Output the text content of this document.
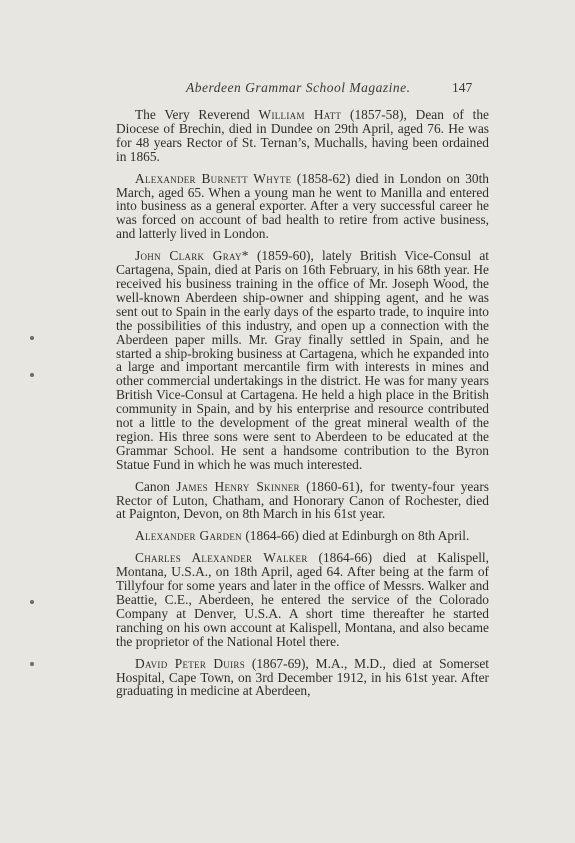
Aberdeen Grammar School Magazine.	147

The Very Reverend William Hatt (1857-58), Dean of the Diocese of Brechin, died in Dundee on 29th April, aged 76. He was for 48 years Rector of St. Ternan’s, Muchalls, having been ordained in 1865.

Alexander Burnett Whyte (1858-62) died in London on 30th March, aged 65. When a young man he went to Manilla and entered into business as a general exporter. After a very successful career he was forced on account of bad health to retire from active business, and latterly lived in London.

John Clark Gray* (1859-60), lately British Vice-Consul at Cartagena, Spain, died at Paris on 16th February, in his 68th year. He received his business training in the office of Mr. Joseph Wood, the well-known Aberdeen ship-owner and shipping agent, and he was sent out to Spain in the early days of the esparto trade, to inquire into the possibilities of this industry, and open up a connection with the Aberdeen paper mills. Mr. Gray finally settled in Spain, and he started a ship-broking business at Cartagena, which he expanded into a large and important mercantile firm with interests in mines and other commercial undertakings in the district. He was for many years British Vice-Consul at Cartagena. He held a high place in the British community in Spain, and by his enterprise and resource contributed not a little to the development of the great mineral wealth of the region. His three sons were sent to Aberdeen to be educated at the Grammar School. He sent a handsome contribution to the Byron Statue Fund in which he was much interested.

Canon James Henry Skinner (1860-61), for twenty-four years Rector of Luton, Chatham, and Honorary Canon of Rochester, died at Paignton, Devon, on 8th March in his 61st year.

Alexander Garden (1864-66) died at Edinburgh on 8th April.

Charles Alexander Walker (1864-66) died at Kalispell, Montana, U.S.A., on 18th April, aged 64. After being at the farm of Tillyfour for some years and later in the office of Messrs. Walker and Beattie, C.E., Aberdeen, he entered the service of the Colorado Company at Denver, U.S.A. A short time thereafter he started ranching on his own account at Kalispell, Montana, and also became the proprietor of the National Hotel there.

David Peter Duirs (1867-69), M.A., M.D., died at Somerset Hospital, Cape Town, on 3rd December 1912, in his 61st year. After graduating in medicine at Aberdeen,
